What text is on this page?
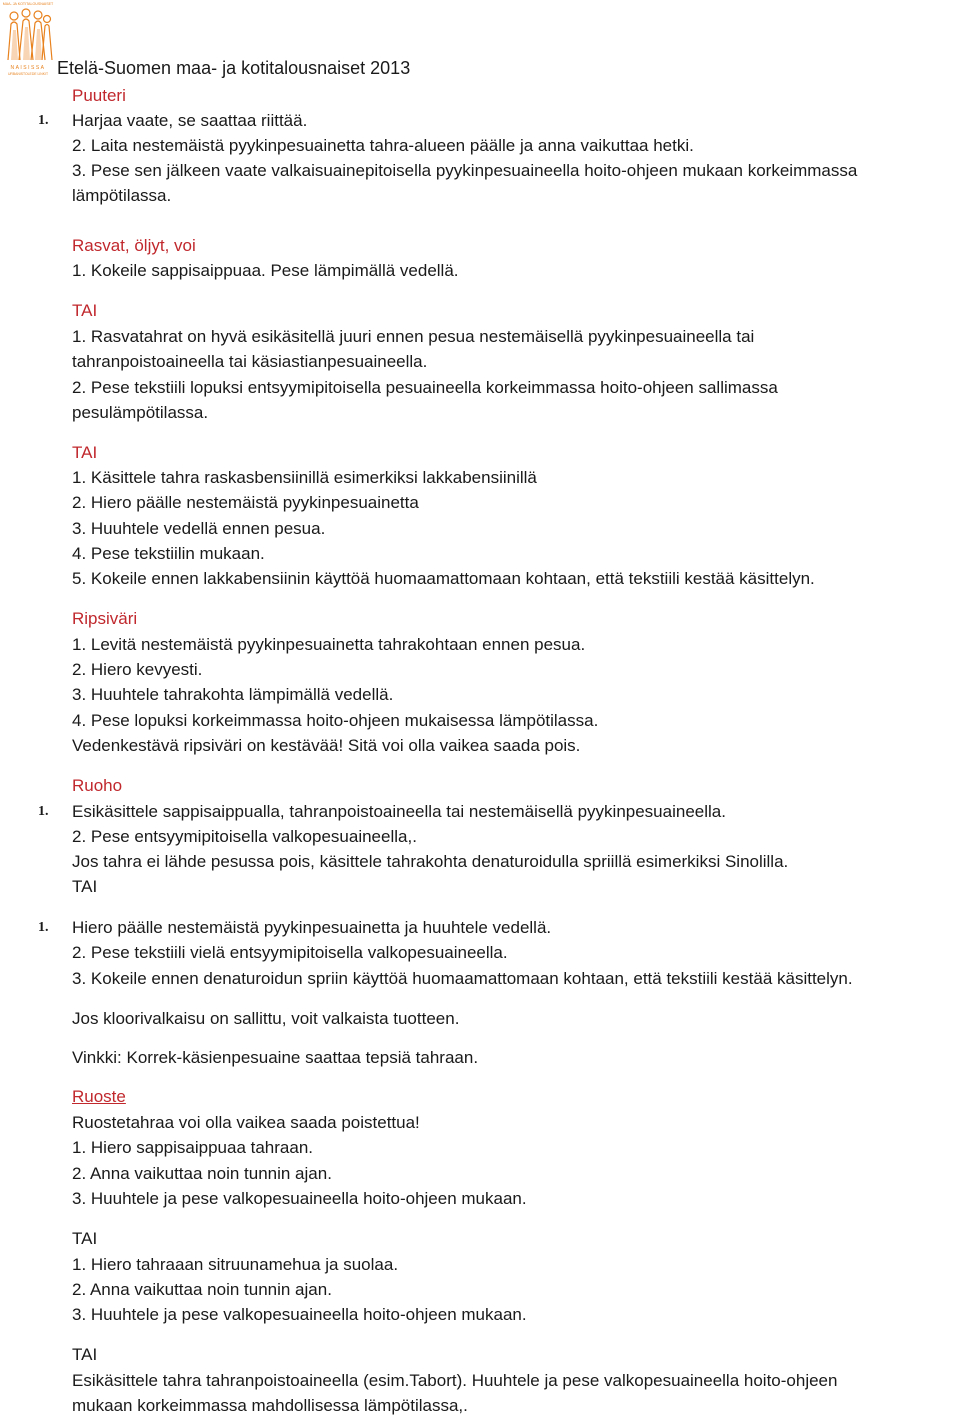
MAA- JA KOTITALOUSNAISET
NAISISSA
URBANISTOLEDE LINKIT Etelä-Suomen maa- ja kotitalousnaiset 2013
Puuteri
Harjaa vaate, se saattaa riittää.
1.
2. Laita nestemäistä pyykinpesuainetta tahra-alueen päälle ja anna vaikuttaa hetki.
3. Pese sen jälkeen vaate valkaisuainepitoisella pyykinpesuaineella hoito-ohjeen mukaan korkeimmassa
lämpötilassa.
Rasvat, öljyt, voi
1. Kokeile sappisaippuaa. Pese lämpimällä vedellä.
TAI
1. Rasvatahrat on hyvä esikäsitellä juuri ennen pesua nestemäisellä pyykinpesuaineella tai
tahranpoistoaineella tai käsiastianpesuaineella.
2. Pese tekstiili lopuksi entsyymipitoisella pesuaineella korkeimmassa hoito-ohjeen sallimassa
pesulämpötilassa.
TAI
1. Käsittele tahra raskasbensiinillä esimerkiksi lakkabensiinillä
2. Hiero päälle nestemäistä pyykinpesuainetta
3. Huuhtele vedellä ennen pesua.
4. Pese tekstiilin mukaan.
5. Kokeile ennen lakkabensiinin käyttöä huomaamattomaan kohtaan, että tekstiili kestää käsittelyn.
Ripsiväri
1. Levitä nestemäistä pyykinpesuainetta tahrakohtaan ennen pesua.
2. Hiero kevyesti.
3. Huuhtele tahrakohta lämpimällä vedellä.
4. Pese lopuksi korkeimmassa hoito-ohjeen mukaisessa lämpötilassa.
Vedenkestävä ripsiväri on kestävää! Sitä voi olla vaikea saada pois.
Ruoho
Esikäsittele sappisaippualla, tahranpoistoaineella tai nestemäisellä pyykinpesuaineella.
1.
2. Pese entsyymipitoisella valkopesuaineella,.
Jos tahra ei lähde pesussa pois, käsittele tahrakohta denaturoidulla spriillä esimerkiksi Sinolilla.
TAI
Hiero päälle nestemäistä pyykinpesuainetta ja huuhtele vedellä.
1.
2. Pese tekstiili vielä entsyymipitoisella valkopesuaineella.
3. Kokeile ennen denaturoidun spriin käyttöä huomaamattomaan kohtaan, että tekstiili kestää käsittelyn.
Jos kloorivalkaisu on sallittu, voit valkaista tuotteen.
Vinkki: Korrek-käsienpesuaine saattaa tepsiä tahraan.
Ruoste
Ruostetahraa voi olla vaikea saada poistettua!
1. Hiero sappisaippuaa tahraan.
2. Anna vaikuttaa noin tunnin ajan.
3. Huuhtele ja pese valkopesuaineella hoito-ohjeen mukaan.
TAI
1. Hiero tahraaan sitruunamehua ja suolaa.
2. Anna vaikuttaa noin tunnin ajan.
3. Huuhtele ja pese valkopesuaineella hoito-ohjeen mukaan.
TAI
Esikäsittele tahra tahranpoistoaineella (esim.Tabort). Huuhtele ja pese valkopesuaineella hoito-ohjeen
mukaan korkeimmassa mahdollisessa lämpötilassa,.
